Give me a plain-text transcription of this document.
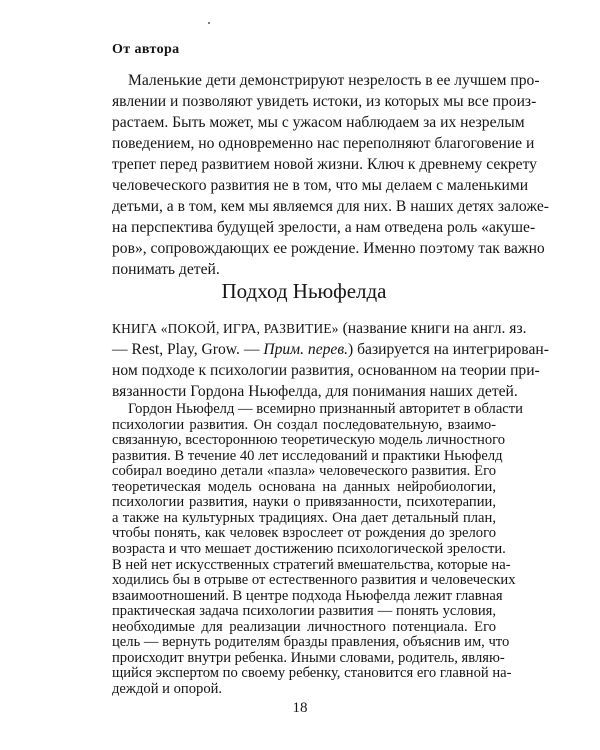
От автора

Маленькие дети демонстрируют незрелость в ее лучшем про-

явлении и позволяют увидеть истоки, из которых мы все произ-

растаем. Быть может, мы с ужасом наблюдаем за их незрелым

поведением, но одновременно нас переполняют благоговение и

трепет перед развитием новой жизни. Ключ к древнему секрету

человеческого развития не в том, что мы делаем с маленькими

детьми, а в том, кем мы являемся для них. В наших детях заложе-

на перспектива будущей зрелости, а нам отведена роль «акуше-

ров», сопровождающих ее рождение. Именно поэтому так важно

понимать детей.

Подход Ньюфелда

КНИГА «ПОКОЙ, ИГРА, РАЗВИТИЕ» (название книги на англ. яз.

— Rest, Play, Grow. — Прим. перев.) базируется на интегрирован-

ном подходе к психологии развития, основанном на теории при-

вязанности Гордона Ньюфелда, для понимания наших детей.

Гордон Ньюфелд — всемирно признанный авторитет в области

психологии развития. Он создал последовательную, взаимо-

связанную, всестороннюю теоретическую модель личностного

развития. В течение 40 лет исследований и практики Ньюфелд

собирал воедино детали «пазла» человеческого развития. Его

теоретическая модель основана на данных нейробиологии,

психологии развития, науки о привязанности, психотерапии,

а также на культурных традициях. Она дает детальный план,

чтобы понять, как человек взрослеет от рождения до зрелого

возраста и что мешает достижению психологической зрелости.

В ней нет искусственных стратегий вмешательства, которые на-

ходились бы в отрыве от естественного развития и человеческих

взаимоотношений. В центре подхода Ньюфелда лежит главная

практическая задача психологии развития — понять условия,

необходимые для реализации личностного потенциала. Его

цель — вернуть родителям бразды правления, объяснив им, что

происходит внутри ребенка. Иными словами, родитель, являю-

щийся экспертом по своему ребенку, становится его главной на-

деждой и опорой.

18
